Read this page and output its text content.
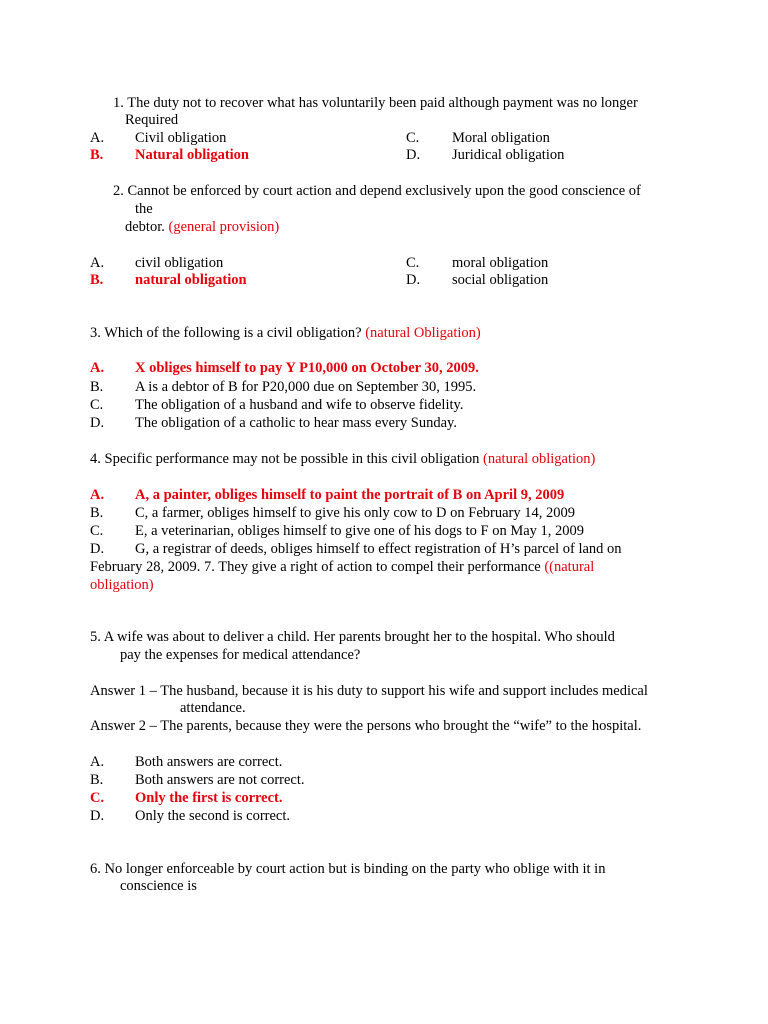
1. The duty not to recover what has voluntarily been paid although payment was no longer
Required
A. Civil obligation	C. Moral obligation
B. Natural obligation	D. Juridical obligation
2. Cannot be enforced by court action and depend exclusively upon the good conscience of
the
debtor. (general provision)
A. civil obligation	C. moral obligation
B. natural obligation	D. social obligation
3. Which of the following is a civil obligation? (natural Obligation)
A. X obliges himself to pay Y P10,000 on October 30, 2009.
B. A is a debtor of B for P20,000 due on September 30, 1995.
C. The obligation of a husband and wife to observe fidelity.
D. The obligation of a catholic to hear mass every Sunday.
4. Specific performance may not be possible in this civil obligation (natural obligation)
A. A, a painter, obliges himself to paint the portrait of B on April 9, 2009
B. C, a farmer, obliges himself to give his only cow to D on February 14, 2009
C. E, a veterinarian, obliges himself to give one of his dogs to F on May 1, 2009
D. G, a registrar of deeds, obliges himself to effect registration of H’s parcel of land on
February 28, 2009. 7. They give a right of action to compel their performance ((natural
obligation)
5. A wife was about to deliver a child. Her parents brought her to the hospital. Who should
pay the expenses for medical attendance?
Answer 1 – The husband, because it is his duty to support his wife and support includes medical
attendance.
Answer 2 – The parents, because they were the persons who brought the “wife” to the hospital.
A. Both answers are correct.
B. Both answers are not correct.
C. Only the first is correct.
D. Only the second is correct.
6. No longer enforceable by court action but is binding on the party who oblige with it in
conscience is
